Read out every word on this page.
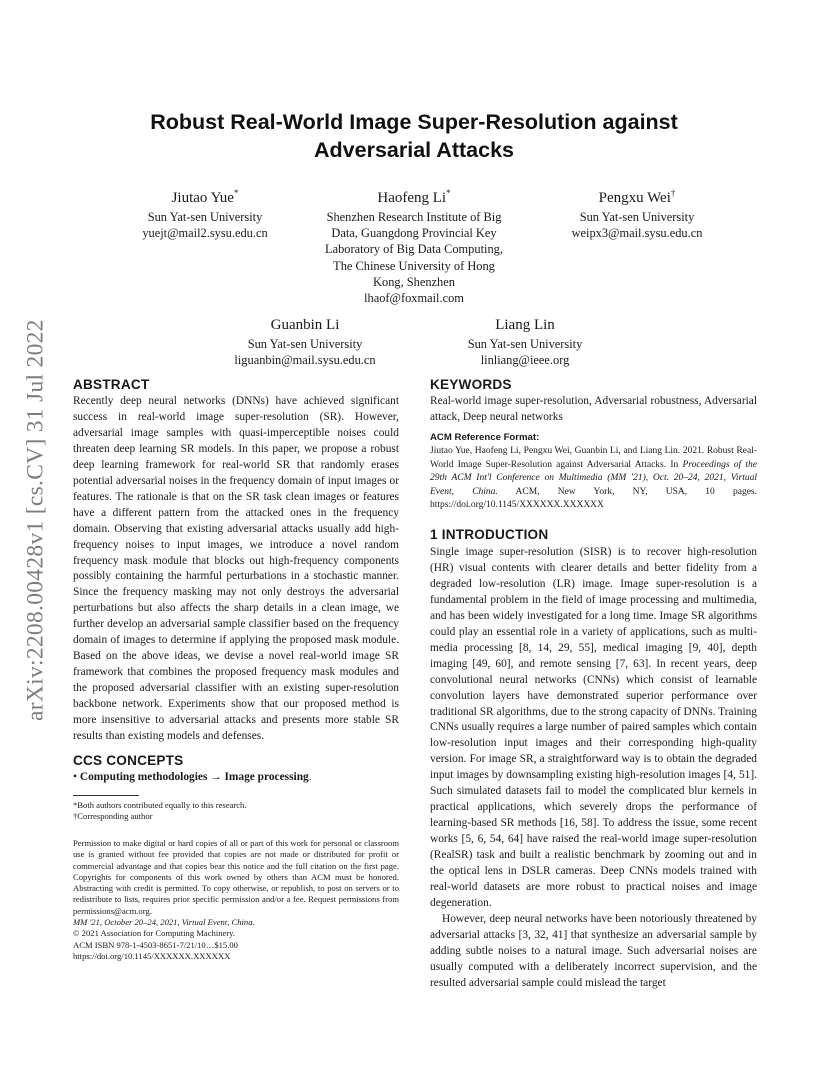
arXiv:2208.00428v1 [cs.CV] 31 Jul 2022
Robust Real-World Image Super-Resolution against Adversarial Attacks
Jiutao Yue*
Sun Yat-sen University
yuejt@mail2.sysu.edu.cn
Haofeng Li*
Shenzhen Research Institute of Big
Data, Guangdong Provincial Key
Laboratory of Big Data Computing,
The Chinese University of Hong
Kong, Shenzhen
lhaof@foxmail.com
Pengxu Wei†
Sun Yat-sen University
weipx3@mail.sysu.edu.cn
Guanbin Li
Sun Yat-sen University
liguanbin@mail.sysu.edu.cn
Liang Lin
Sun Yat-sen University
linliang@ieee.org
ABSTRACT

Recently deep neural networks (DNNs) have achieved significant success in real-world image super-resolution (SR). However, adversarial image samples with quasi-imperceptible noises could threaten deep learning SR models. In this paper, we propose a robust deep learning framework for real-world SR that randomly erases potential adversarial noises in the frequency domain of input images or features. The rationale is that on the SR task clean images or features have a different pattern from the attacked ones in the frequency domain. Observing that existing adversarial attacks usually add high-frequency noises to input images, we introduce a novel random frequency mask module that blocks out high-frequency components possibly containing the harmful perturbations in a stochastic manner. Since the frequency masking may not only destroys the adversarial perturbations but also affects the sharp details in a clean image, we further develop an adversarial sample classifier based on the frequency domain of images to determine if applying the proposed mask module. Based on the above ideas, we devise a novel real-world image SR framework that combines the proposed frequency mask modules and the proposed adversarial classifier with an existing super-resolution backbone network. Experiments show that our proposed method is more insensitive to adversarial attacks and presents more stable SR results than existing models and defenses.

CCS CONCEPTS
• Computing methodologies → Image processing.

*Both authors contributed equally to this research.

†Corresponding author

Permission to make digital or hard copies of all or part of this work for personal or classroom use is granted without fee provided that copies are not made or distributed for profit or commercial advantage and that copies bear this notice and the full citation on the first page. Copyrights for components of this work owned by others than ACM must be honored. Abstracting with credit is permitted. To copy otherwise, or republish, to post on servers or to redistribute to lists, requires prior specific permission and/or a fee. Request permissions from permissions@acm.org.

MM '21, October 20–24, 2021, Virtual Event, China.

© 2021 Association for Computing Machinery.

ACM ISBN 978-1-4503-8651-7/21/10…$15.00

https://doi.org/10.1145/XXXXXX.XXXXXX

KEYWORDS

Real-world image super-resolution, Adversarial robustness, Adversarial attack, Deep neural networks

ACM Reference Format:

Jiutao Yue, Haofeng Li, Pengxu Wei, Guanbin Li, and Liang Lin. 2021. Robust Real-World Image Super-Resolution against Adversarial Attacks. In Proceedings of the 29th ACM Int'l Conference on Multimedia (MM '21), Oct. 20–24, 2021, Virtual Event, China. ACM, New York, NY, USA, 10 pages. https://doi.org/10.1145/XXXXXX.XXXXXX

1 INTRODUCTION

Single image super-resolution (SISR) is to recover high-resolution (HR) visual contents with clearer details and better fidelity from a degraded low-resolution (LR) image. Image super-resolution is a fundamental problem in the field of image processing and multimedia, and has been widely investigated for a long time. Image SR algorithms could play an essential role in a variety of applications, such as multi-media processing [8, 14, 29, 55], medical imaging [9, 40], depth imaging [49, 60], and remote sensing [7, 63]. In recent years, deep convolutional neural networks (CNNs) which consist of learnable convolution layers have demonstrated superior performance over traditional SR algorithms, due to the strong capacity of DNNs. Training CNNs usually requires a large number of paired samples which contain low-resolution input images and their corresponding high-quality version. For image SR, a straightforward way is to obtain the degraded input images by downsampling existing high-resolution images [4, 51]. Such simulated datasets fail to model the complicated blur kernels in practical applications, which severely drops the performance of learning-based SR methods [16, 58]. To address the issue, some recent works [5, 6, 54, 64] have raised the real-world image super-resolution (RealSR) task and built a realistic benchmark by zooming out and in the optical lens in DSLR cameras. Deep CNNs models trained with real-world datasets are more robust to practical noises and image degeneration.

However, deep neural networks have been notoriously threatened by adversarial attacks [3, 32, 41] that synthesize an adversarial sample by adding subtle noises to a natural image. Such adversarial noises are usually computed with a deliberately incorrect supervision, and the resulted adversarial sample could mislead the target
